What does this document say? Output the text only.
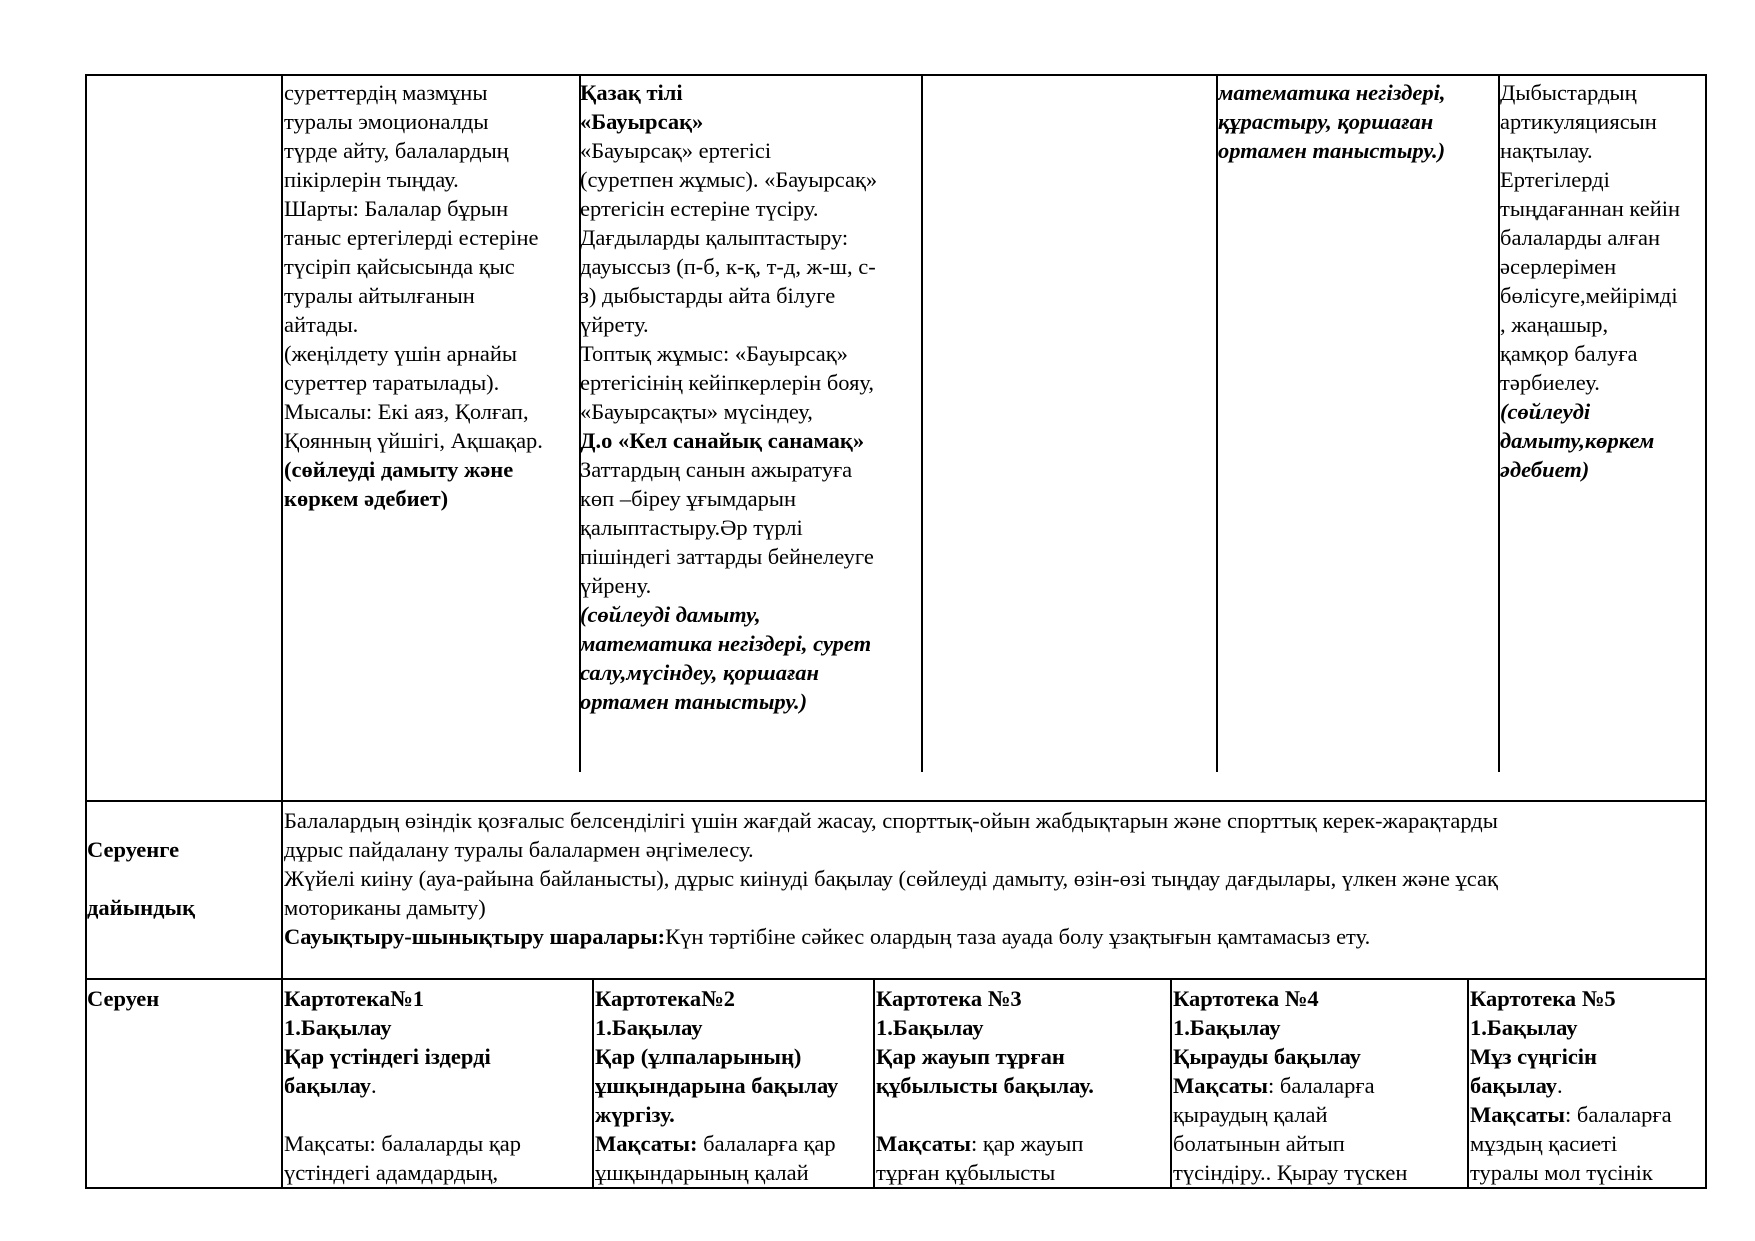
суреттердің мазмұны
туралы эмоционалды
түрде айту, балалардың
пікірлерін тыңдау.
Шарты: Балалар бұрын
таныс ертегілерді естеріне
түсіріп қайсысында қыс
туралы айтылғанын
айтады.
(жеңілдету үшін арнайы
суреттер таратылады).
Мысалы: Екі аяз, Қолғап,
Қоянның үйшігі, Ақшақар.
(сөйлеуді дамыту және
көркем әдебиет)
Қазақ тілі
«Бауырсақ»
«Бауырсақ» ертегісі
(суретпен жұмыс). «Бауырсақ»
ертегісін естеріне түсіру.
Дағдыларды қалыптастыру:
дауыссыз (п-б, к-қ, т-д, ж-ш, с-
з) дыбыстарды айта білуге
үйрету.
Топтық жұмыс: «Бауырсақ»
ертегісінің кейіпкерлерін бояу,
«Бауырсақты» мүсіндеу,
Д.о «Кел санайық санамақ»
Заттардың санын ажыратуға
көп –біреу ұғымдарын
қалыптастыру.Әр түрлі
пішіндегі заттарды бейнелеуге
үйрену.
(сөйлеуді дамыту,
математика негіздері, сурет
салу,мүсіндеу, қоршаған
ортамен таныстыру.)
математика негіздері,
құрастыру, қоршаған
ортамен таныстыру.)
Дыбыстардың
артикуляциясын
нақтылау.
Ертегілерді
тыңдағаннан кейін
балаларды алған
әсерлерімен
бөлісуге,мейірімді
, жаңашыр,
қамқор балуға
тәрбиелеу.
(сөйлеуді
дамыту,көркем
әдебиет)

Серуенге

дайындық

Балалардың өзіндік қозғалыс белсенділігі үшін жағдай жасау, спорттық-ойын жабдықтарын және спорттық керек-жарақтарды
дұрыс пайдалану туралы балалармен әңгімелесу.
Жүйелі киіну (ауа-райына байланысты), дұрыс киінуді бақылау (сөйлеуді дамыту, өзін-өзі тыңдау дағдылары, үлкен және ұсақ
моториканы дамыту)
Сауықтыру-шынықтыру шаралары:Күн тәртібіне сәйкес олардың таза ауада болу ұзақтығын қамтамасыз ету.
Серуен	Картотека№1
1.Бақылау
Қар үстіндегі іздерді
бақылау.

Мақсаты: балаларды қар
үстіндегі адамдардың,
Картотека№2
1.Бақылау
Қар (ұлпаларының)
ұшқындарына бақылау
жүргізу.
Мақсаты: балаларға қар
ұшқындарының қалай
Картотека №3
1.Бақылау
Қар жауып тұрған
құбылысты бақылау.

Мақсаты: қар жауып
тұрған құбылысты
Картотека №4
1.Бақылау
Қырауды бақылау
Мақсаты: балаларға
қыраудың қалай
болатынын айтып
түсіндіру.. Қырау түскен
Картотека №5
1.Бақылау
Мұз сүңгісін
бақылау.
Мақсаты: балаларға
мұздың қасиеті
туралы мол түсінік
